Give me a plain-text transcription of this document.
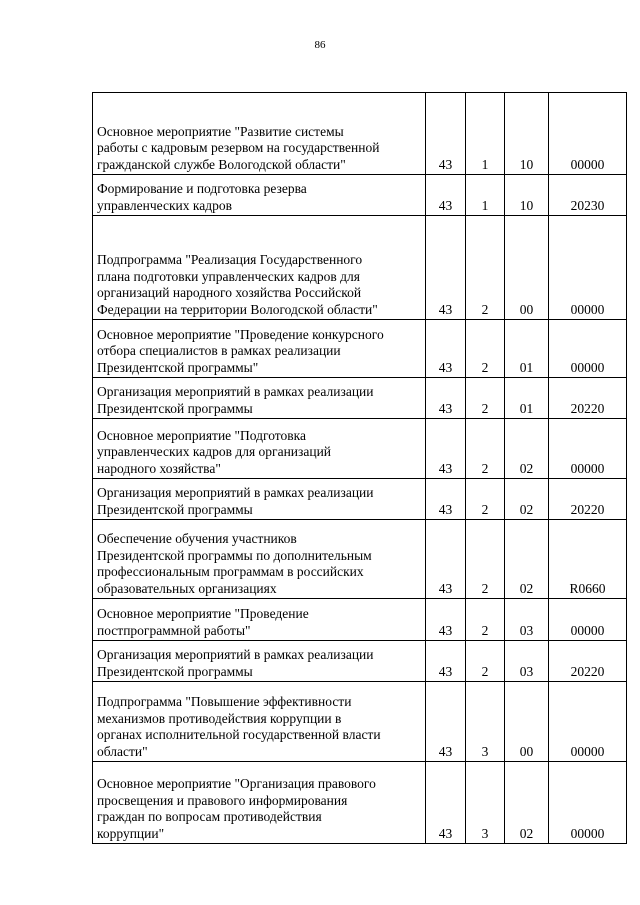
86
Основное мероприятие "Развитие системы
работы с кадровым резервом на государственной
гражданской службе Вологодской области"	43	1	10	00000
Формирование и подготовка резерва
управленческих кадров	43	1	10	20230
Подпрограмма "Реализация Государственного
плана подготовки управленческих кадров для
организаций народного хозяйства Российской
Федерации на территории Вологодской области"	43	2	00	00000
Основное мероприятие "Проведение конкурсного
отбора специалистов в рамках реализации
Президентской программы"	43	2	01	00000
Организация мероприятий в рамках реализации
Президентской программы	43	2	01	20220
Основное мероприятие "Подготовка
управленческих кадров для организаций
народного хозяйства"	43	2	02	00000
Организация мероприятий в рамках реализации
Президентской программы	43	2	02	20220
Обеспечение обучения участников
Президентской программы по дополнительным
профессиональным программам в российских
образовательных организациях	43	2	02	R0660
Основное мероприятие "Проведение
постпрограммной работы"	43	2	03	00000
Организация мероприятий в рамках реализации
Президентской программы	43	2	03	20220
Подпрограмма "Повышение эффективности
механизмов противодействия коррупции в
органах исполнительной государственной власти
области"	43	3	00	00000
Основное мероприятие "Организация правового
просвещения и правового информирования
граждан по вопросам противодействия
коррупции"	43	3	02	00000
